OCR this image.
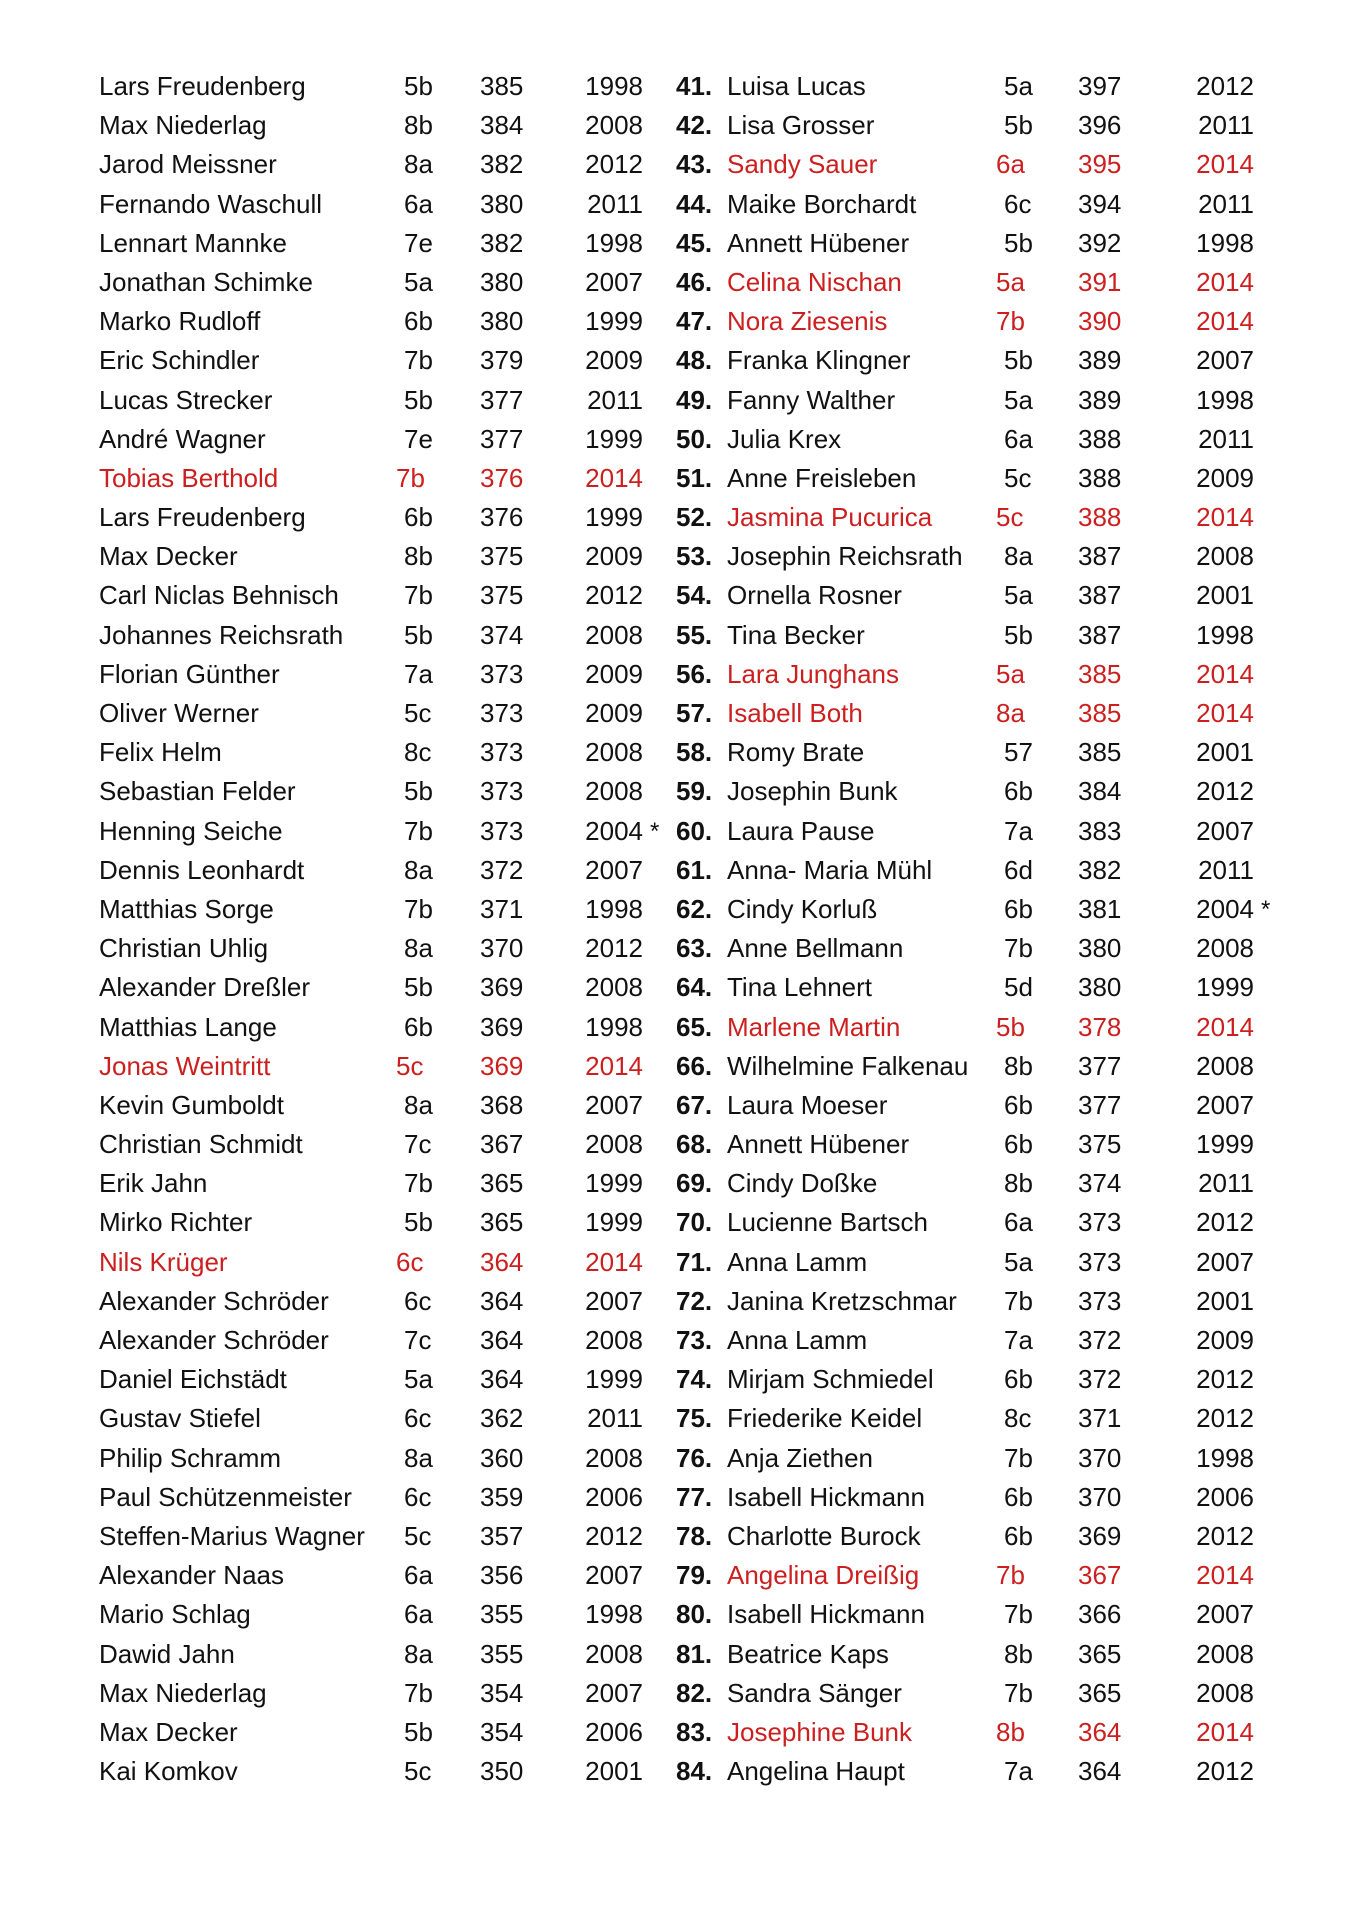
Lars Freudenberg	5b 385	1998
Max Niederlag	8b 384	2008
Jarod Meissner	8a 382	2012
Fernando Waschull	6a 380	2011
Lennart Mannke	7e 382	1998
Jonathan Schimke	5a 380	2007
Marko Rudloff	6b 380	1999
Eric Schindler	7b 379	2009
Lucas Strecker	5b 377	2011
André Wagner	7e 377	1999
Tobias Berthold	7b 376	2014
Lars Freudenberg	6b 376	1999
Max Decker	8b 375	2009
Carl Niclas Behnisch	7b 375	2012
Johannes Reichsrath 5b 374	2008
Florian Günther	7a 373	2009
Oliver Werner	5c 373	2009
Felix Helm	8c 373	2008
Sebastian Felder	5b 373	2008
Henning Seiche	7b 373	2004 *
Dennis Leonhardt	8a 372	2007
Matthias Sorge	7b 371	1998
Christian Uhlig	8a 370	2012
Alexander Dreßler	5b 369	2008
Matthias Lange	6b 369	1998
Jonas Weintritt	5c 369	2014
Kevin Gumboldt	8a 368	2007
Christian Schmidt	7c 367	2008
Erik Jahn	7b 365	1999
Mirko Richter	5b 365	1999
Nils Krüger	6c 364	2014
Alexander Schröder	6c 364	2007
Alexander Schröder	7c 364	2008
Daniel Eichstädt	5a 364	1999
Gustav Stiefel	6c 362	2011
Philip Schramm	8a 360	2008
Paul Schützenmeister 6c 359	2006
Steffen-Marius Wagner 5c 357	2012
Alexander Naas	6a 356	2007
Mario Schlag	6a 355	1998
Dawid Jahn	8a 355	2008
Max Niederlag	7b 354	2007
Max Decker	5b 354	2006
Kai Komkov	5c 350	2001
41. Luisa Lucas	5a 397	2012
42. Lisa Grosser	5b 396	2011
43. Sandy Sauer	6a 395	2014
44. Maike Borchardt	6c 394	2011
45. Annett Hübener	5b 392	1998
46. Celina Nischan	5a 391	2014
47. Nora Ziesenis	7b 390	2014
48. Franka Klingner	5b 389	2007
49. Fanny Walther	5a 389	1998
50. Julia Krex	6a 388	2011
51. Anne Freisleben	5c 388	2009
52. Jasmina Pucurica 5c 388	2014
53. Josephin Reichsrath 8a 387	2008
54. Ornella Rosner	5a 387	2001
55. Tina Becker	5b 387	1998
56. Lara Junghans	5a 385	2014
57. Isabell Both	8a 385	2014
58. Romy Brate	57 385	2001
59. Josephin Bunk	6b 384	2012
60. Laura Pause	7a 383	2007
61. Anna- Maria Mühl	6d 382	2011
62. Cindy Korluß	6b 381	2004 *
63. Anne Bellmann	7b 380	2008
64. Tina Lehnert	5d 380	1999
65. Marlene Martin	5b 378	2014
66. Wilhelmine Falkenau 8b 377	2008
67. Laura Moeser	6b 377	2007
68. Annett Hübener	6b 375	1999
69. Cindy Doßke	8b 374	2011
70. Lucienne Bartsch	6a 373	2012
71. Anna Lamm	5a 373	2007
72. Janina Kretzschmar 7b 373	2001
73. Anna Lamm	7a 372	2009
74. Mirjam Schmiedel	6b 372	2012
75. Friederike Keidel	8c 371	2012
76. Anja Ziethen	7b 370	1998
77. Isabell Hickmann	6b 370	2006
78. Charlotte Burock	6b 369	2012
79. Angelina Dreißig	7b 367	2014
80. Isabell Hickmann	7b 366	2007
81. Beatrice Kaps	8b 365	2008
82. Sandra Sänger	7b 365	2008
83. Josephine Bunk	8b 364	2014
84. Angelina Haupt	7a 364	2012
